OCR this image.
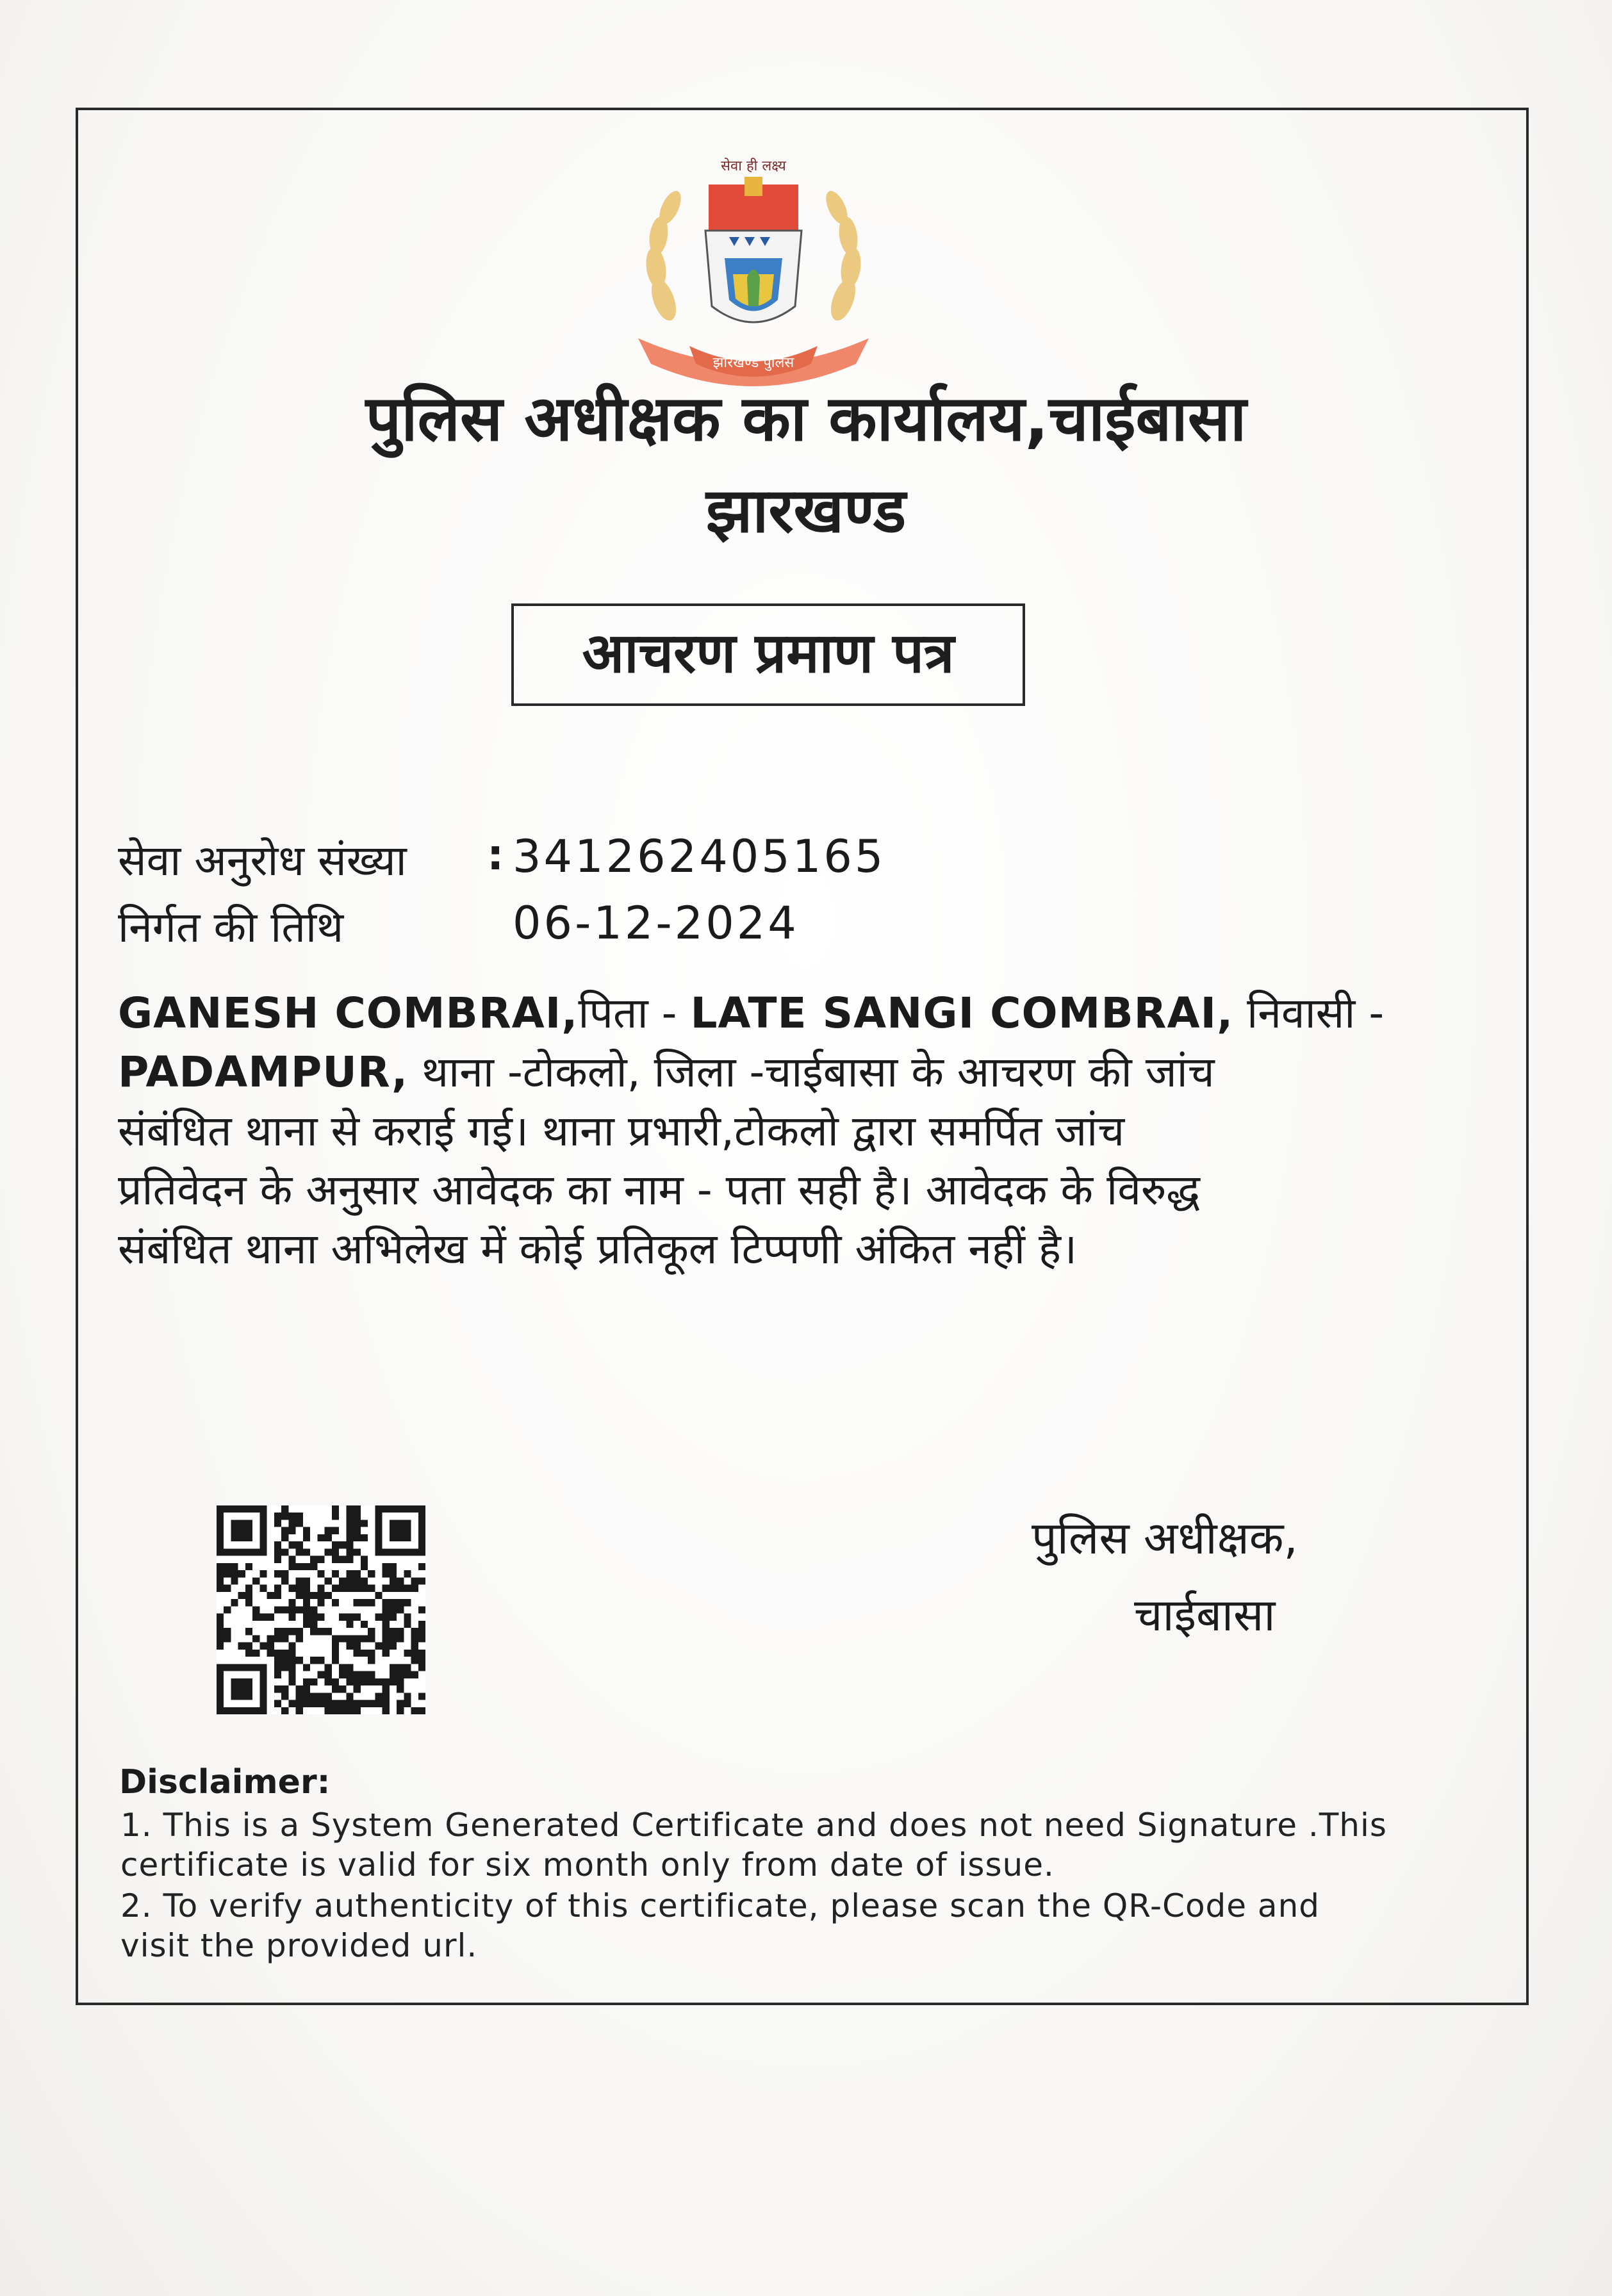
सेवा ही लक्ष्य
झारखण्ड पुलिस
पुलिस अधीक्षक का कार्यालय,चाईबासा
झारखण्ड
आचरण प्रमाण पत्र
सेवा अनुरोध संख्या : 341262405165
निर्गत की तिथि	06-12-2024
GANESH COMBRAI,पिता - LATE SANGI COMBRAI, निवासी -
PADAMPUR, थाना -टोकलो, जिला -चाईबासा के आचरण की जांच
संबंधित थाना से कराई गई। थाना प्रभारी,टोकलो द्वारा समर्पित जांच
प्रतिवेदन के अनुसार आवेदक का नाम - पता सही है। आवेदक के विरुद्ध
संबंधित थाना अभिलेख में कोई प्रतिकूल टिप्पणी अंकित नहीं है।
पुलिस अधीक्षक,
चाईबासा
Disclaimer:
1. This is a System Generated Certificate and does not need Signature .This
certificate is valid for six month only from date of issue.
2. To verify authenticity of this certificate, please scan the QR-Code and
visit the provided url.
